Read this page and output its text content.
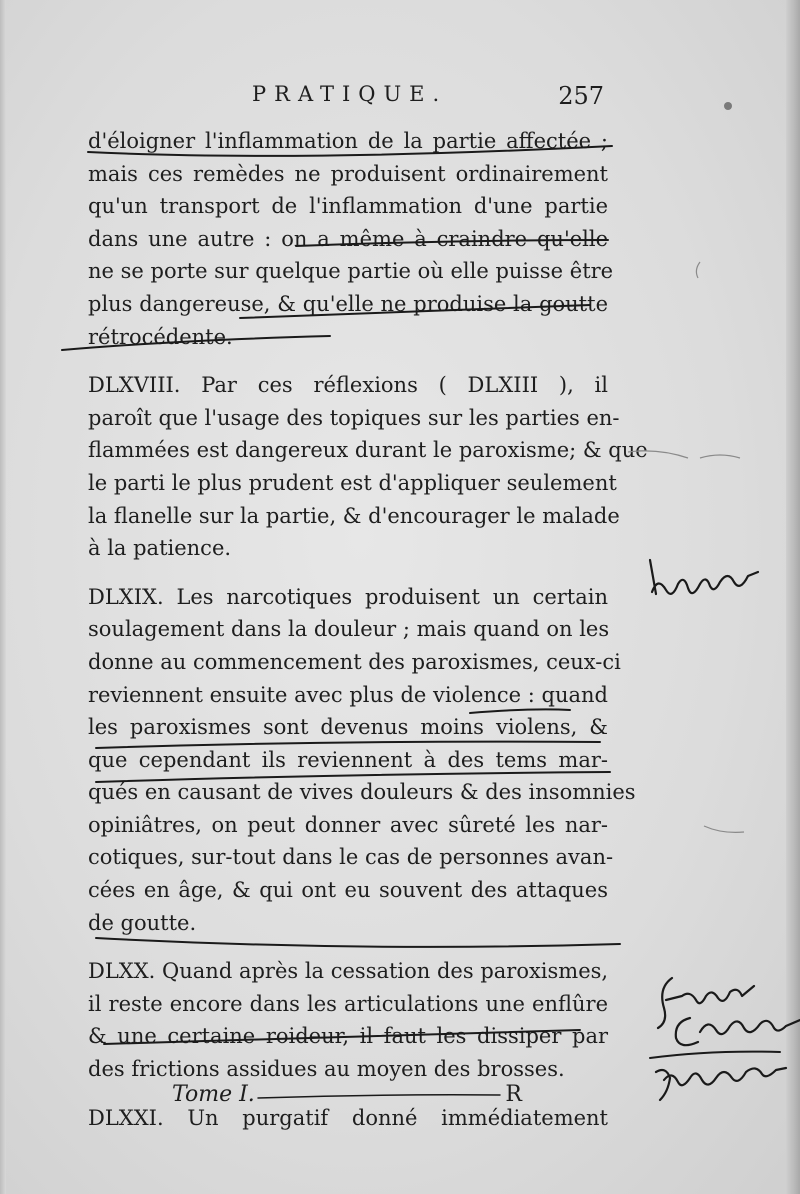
PRATIQUE.	257
d'éloigner l'inflammation de la partie affectée ;
mais ces remèdes ne produisent ordinairement
qu'un transport de l'inflammation d'une partie
dans une autre : on a même à craindre qu'elle
ne se porte sur quelque partie où elle puisse être
plus dangereuse, & qu'elle ne produise la goutte
rétrocédente.
DLXVIII. Par ces réflexions ( DLXIII ), il
paroît que l'usage des topiques sur les parties en-
flammées est dangereux durant le paroxisme; & que
le parti le plus prudent est d'appliquer seulement
la flanelle sur la partie, & d'encourager le malade
à la patience.
DLXIX. Les narcotiques produisent un certain
soulagement dans la douleur ; mais quand on les
donne au commencement des paroxismes, ceux-ci
reviennent ensuite avec plus de violence : quand
les paroxismes sont devenus moins violens, &
que cependant ils reviennent à des tems mar-
qués en causant de vives douleurs & des insomnies
opiniâtres, on peut donner avec sûreté les nar-
cotiques, sur-tout dans le cas de personnes avan-
cées en âge, & qui ont eu souvent des attaques
de goutte.
DLXX. Quand après la cessation des paroxismes,
il reste encore dans les articulations une enflûre
& une certaine roideur, il faut les dissiper par
des frictions assidues au moyen des brosses.
DLXXI. Un purgatif donné immédiatement
Tome I.	R
